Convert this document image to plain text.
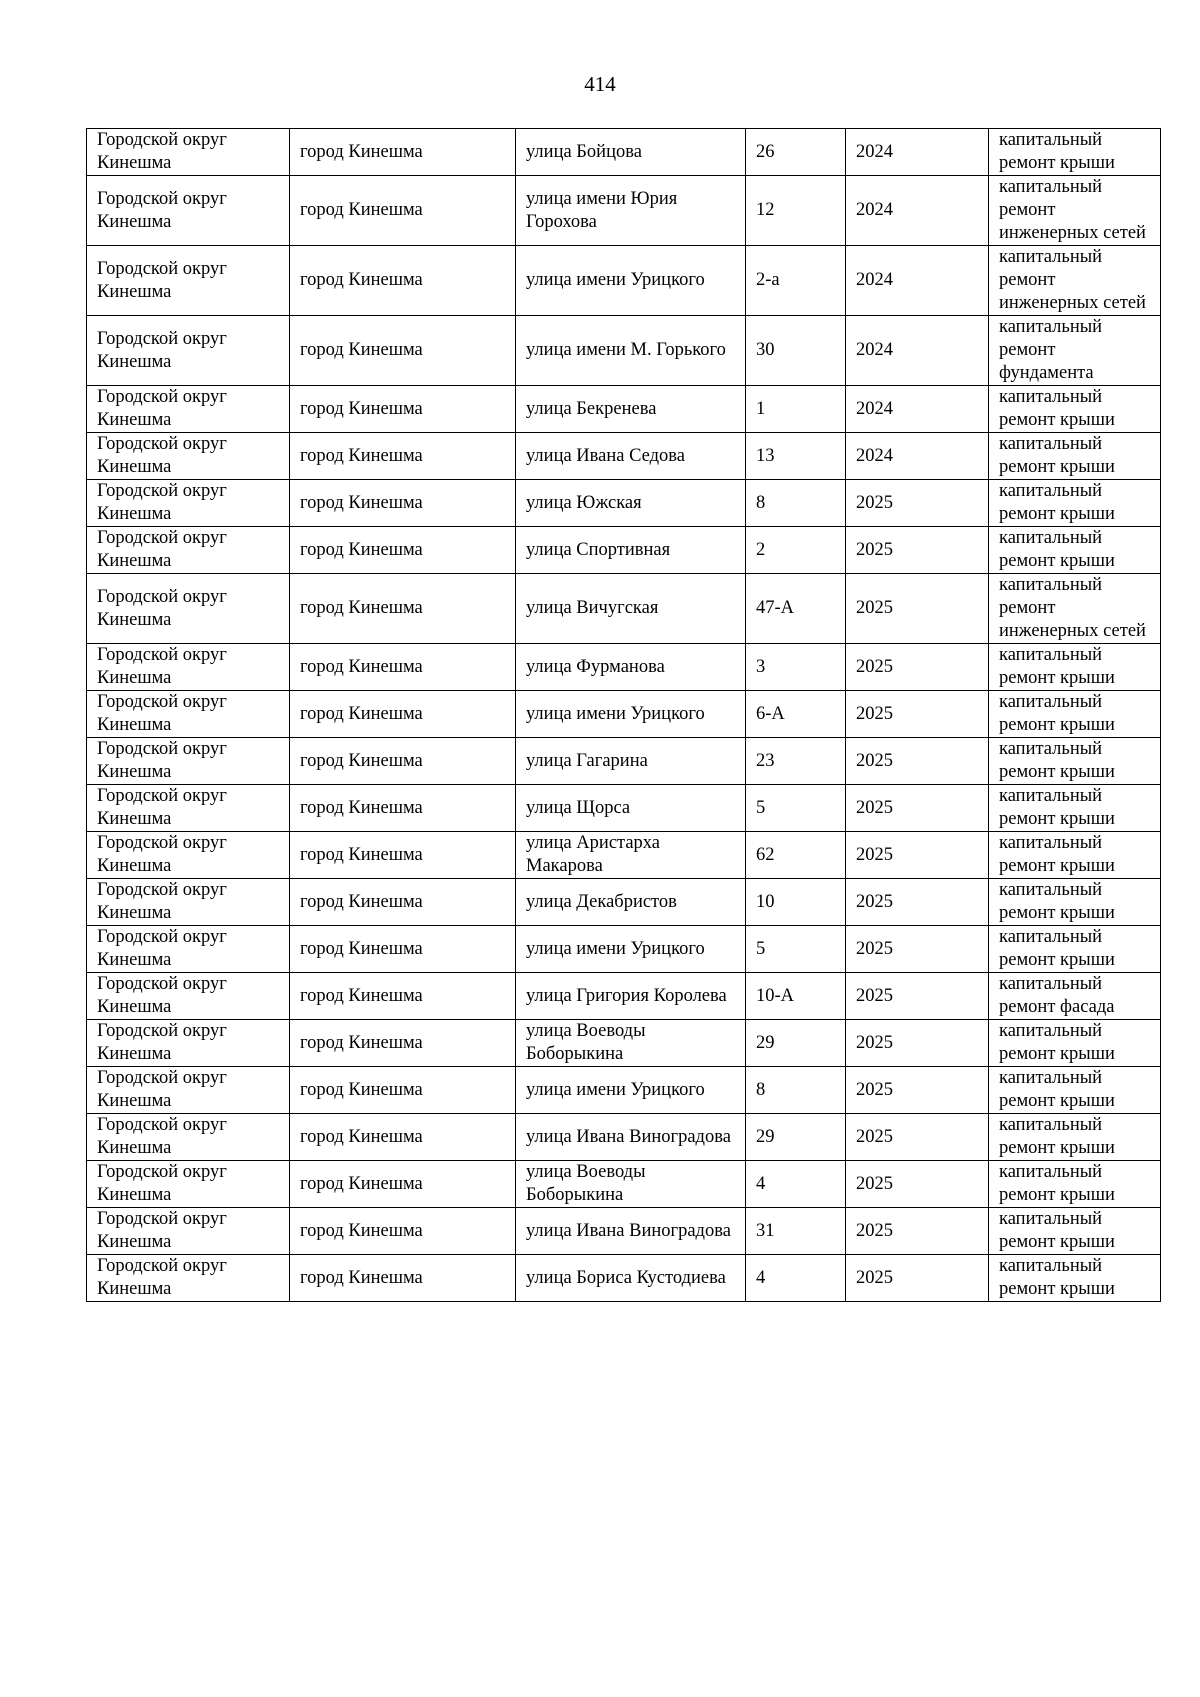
414
Городской округ Кинешма	город Кинешма	улица Бойцова	26	2024	капитальный ремонт крыши
Городской округ Кинешма	город Кинешма	улица имени Юрия Горохова	12	2024	капитальный ремонт инженерных сетей
Городской округ Кинешма	город Кинешма	улица имени Урицкого	2-а	2024	капитальный ремонт инженерных сетей
Городской округ Кинешма	город Кинешма	улица имени М. Горького	30	2024	капитальный ремонт фундамента
Городской округ Кинешма	город Кинешма	улица Бекренева	1	2024	капитальный ремонт крыши
Городской округ Кинешма	город Кинешма	улица Ивана Седова	13	2024	капитальный ремонт крыши
Городской округ Кинешма	город Кинешма	улица Южская	8	2025	капитальный ремонт крыши
Городской округ Кинешма	город Кинешма	улица Спортивная	2	2025	капитальный ремонт крыши
Городской округ Кинешма	город Кинешма	улица Вичугская	47-А	2025	капитальный ремонт инженерных сетей
Городской округ Кинешма	город Кинешма	улица Фурманова	3	2025	капитальный ремонт крыши
Городской округ Кинешма	город Кинешма	улица имени Урицкого	6-А	2025	капитальный ремонт крыши
Городской округ Кинешма	город Кинешма	улица Гагарина	23	2025	капитальный ремонт крыши
Городской округ Кинешма	город Кинешма	улица Щорса	5	2025	капитальный ремонт крыши
Городской округ Кинешма	город Кинешма	улица Аристарха Макарова	62	2025	капитальный ремонт крыши
Городской округ Кинешма	город Кинешма	улица Декабристов	10	2025	капитальный ремонт крыши
Городской округ Кинешма	город Кинешма	улица имени Урицкого	5	2025	капитальный ремонт крыши
Городской округ Кинешма	город Кинешма	улица Григория Королева	10-А	2025	капитальный ремонт фасада
Городской округ Кинешма	город Кинешма	улица Воеводы Боборыкина	29	2025	капитальный ремонт крыши
Городской округ Кинешма	город Кинешма	улица имени Урицкого	8	2025	капитальный ремонт крыши
Городской округ Кинешма	город Кинешма	улица Ивана Виноградова	29	2025	капитальный ремонт крыши
Городской округ Кинешма	город Кинешма	улица Воеводы Боборыкина	4	2025	капитальный ремонт крыши
Городской округ Кинешма	город Кинешма	улица Ивана Виноградова	31	2025	капитальный ремонт крыши
Городской округ Кинешма	город Кинешма	улица Бориса Кустодиева	4	2025	капитальный ремонт крыши
